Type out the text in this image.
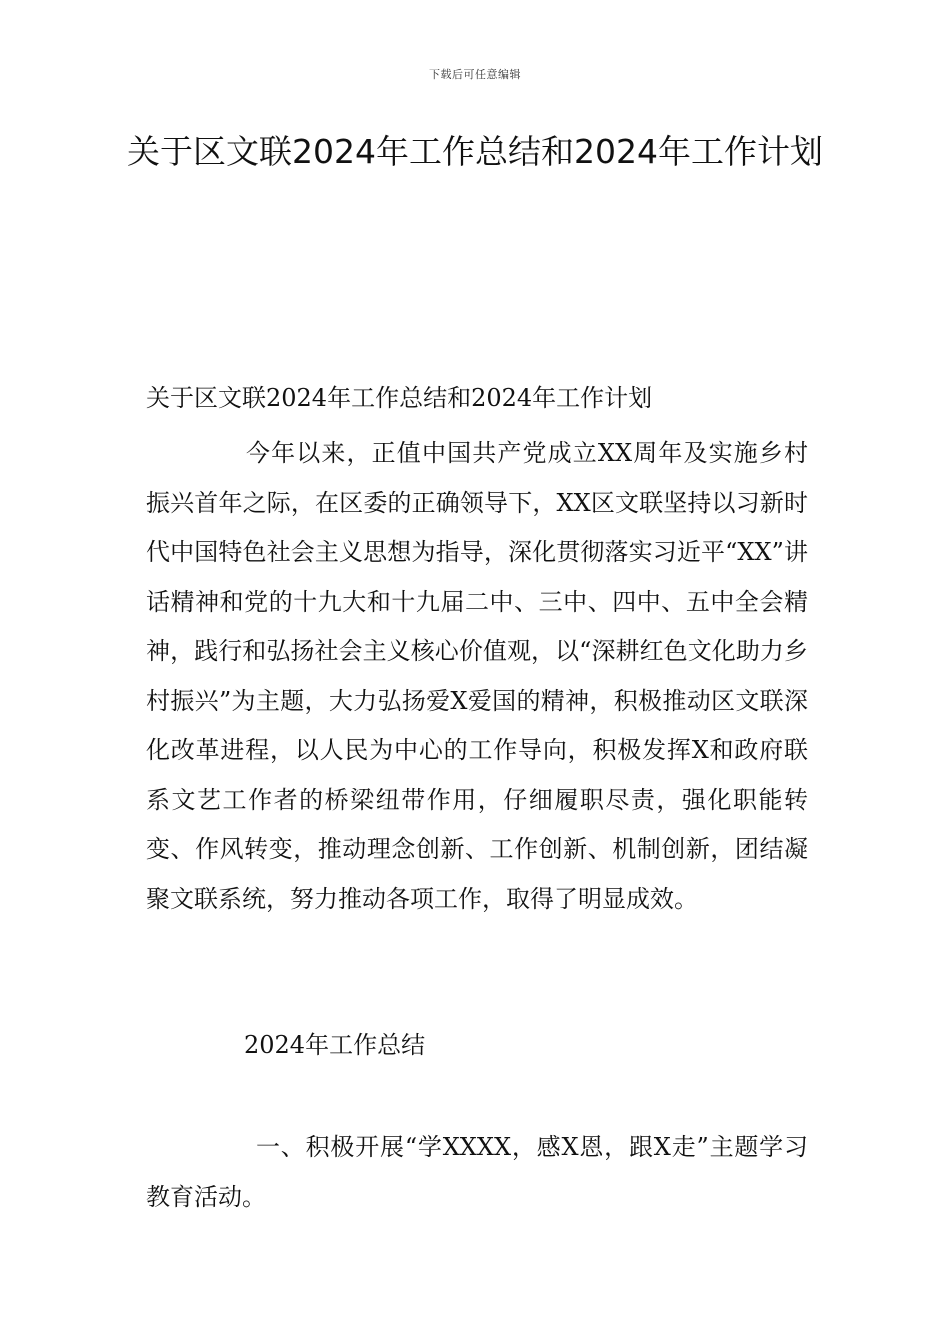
下载后可任意编辑
关于区文联2024年工作总结和2024年工作计划

关于区文联2024年工作总结和2024年工作计划

今年以来，正值中国共产党成立XX周年及实施乡村振兴首年之际，在区委的正确领导下，XX区文联坚持以习新时代中国特色社会主义思想为指导，深化贯彻落实习近平“XX”讲话精神和党的十九大和十九届二中、三中、四中、五中全会精神，践行和弘扬社会主义核心价值观，以“深耕红色文化助力乡村振兴”为主题，大力弘扬爱X爱国的精神，积极推动区文联深化改革进程，以人民为中心的工作导向，积极发挥X和政府联系文艺工作者的桥梁纽带作用，仔细履职尽责，强化职能转变、作风转变，推动理念创新、工作创新、机制创新，团结凝聚文联系统，努力推动各项工作，取得了明显成效。

2024年工作总结

一、积极开展“学XXXX，感X恩，跟X走”主题学习教育活动。
